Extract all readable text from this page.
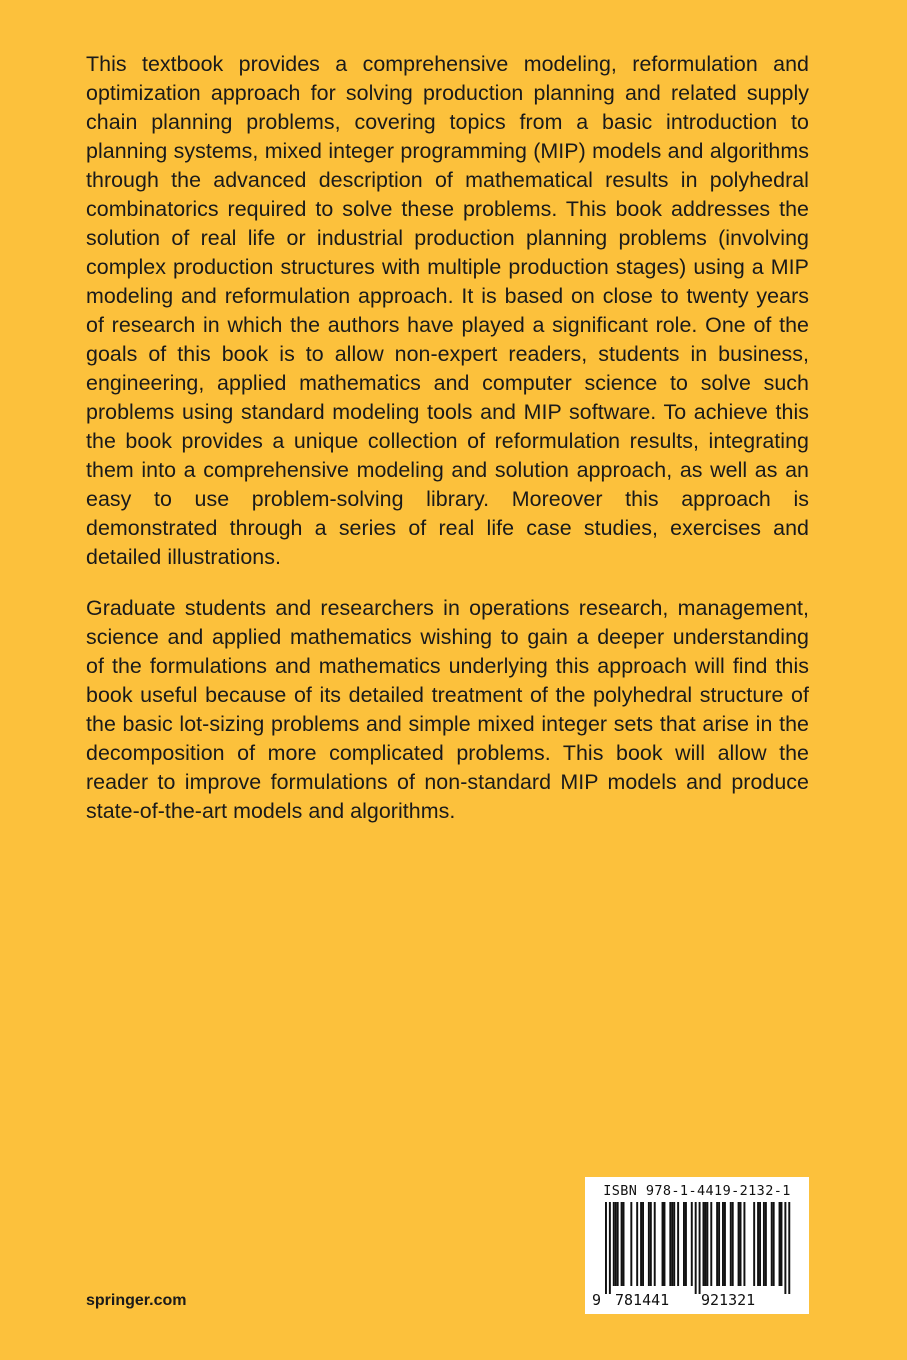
This textbook provides a comprehensive modeling, reformulation and optimization approach for solving production planning and related supply chain planning problems, covering topics from a basic introduction to planning systems, mixed integer programming (MIP) models and algorithms through the advanced description of mathematical results in polyhedral combinatorics required to solve these problems. This book addresses the solution of real life or industrial production planning problems (involving complex production structures with multiple production stages) using a MIP modeling and reformulation approach. It is based on close to twenty years of research in which the authors have played a significant role. One of the goals of this book is to allow non-expert readers, students in business, engineering, applied mathematics and computer science to solve such problems using standard modeling tools and MIP software. To achieve this the book provides a unique collection of reformulation results, integrating them into a comprehensive modeling and solution approach, as well as an easy to use problem-solving library. Moreover this approach is demonstrated through a series of real life case studies, exercises and detailed illustrations.

Graduate students and researchers in operations research, management, science and applied mathematics wishing to gain a deeper understanding of the formulations and mathematics underlying this approach will find this book useful because of its detailed treatment of the polyhedral structure of the basic lot-sizing problems and simple mixed integer sets that arise in the decomposition of more complicated problems. This book will allow the reader to improve formulations of non-standard MIP models and produce state-of-the-art models and algorithms.

springer.com
ISBN 978-1-4419-2132-1
9 781441 921321
